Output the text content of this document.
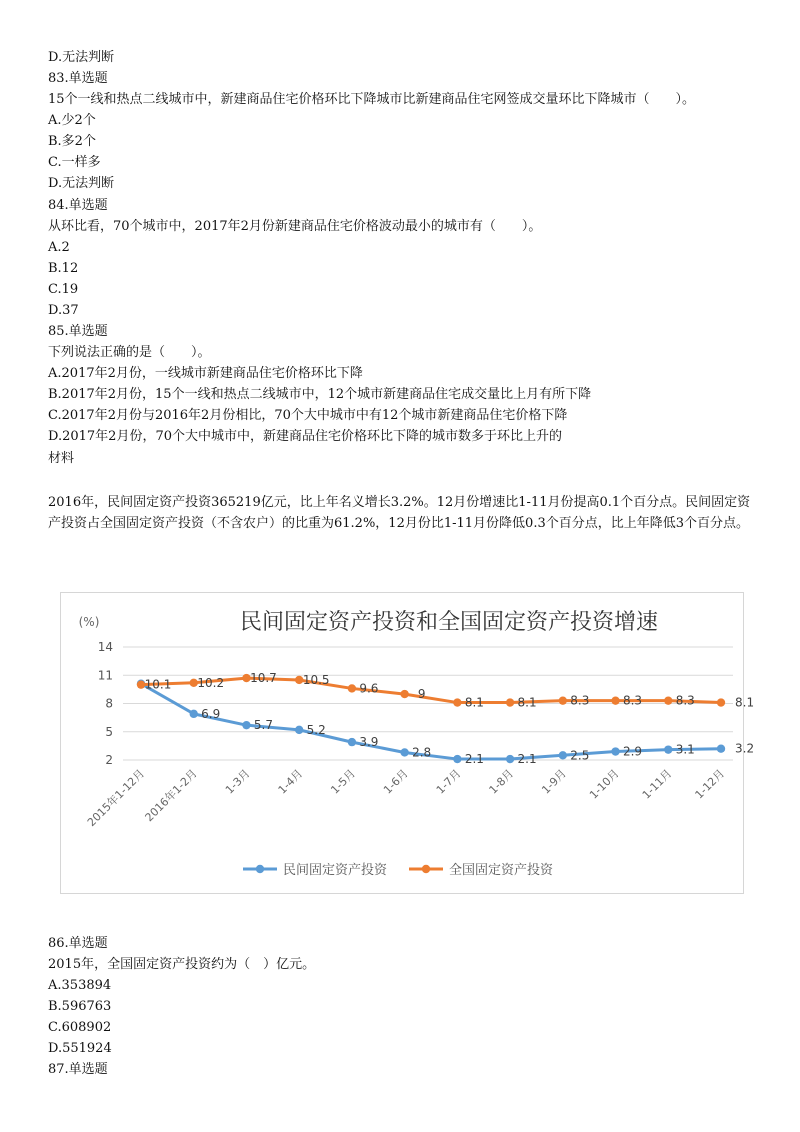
D.无法判断
83.单选题
15个一线和热点二线城市中，新建商品住宅价格环比下降城市比新建商品住宅网签成交量环比下降城市（　　）。
A.少2个
B.多2个
C.一样多
D.无法判断
84.单选题
从环比看，70个城市中，2017年2月份新建商品住宅价格波动最小的城市有（　　）。
A.2
B.12
C.19
D.37
85.单选题
下列说法正确的是（　　）。
A.2017年2月份，一线城市新建商品住宅价格环比下降
B.2017年2月份，15个一线和热点二线城市中，12个城市新建商品住宅成交量比上月有所下降
C.2017年2月份与2016年2月份相比，70个大中城市中有12个城市新建商品住宅价格下降
D.2017年2月份，70个大中城市中，新建商品住宅价格环比下降的城市数多于环比上升的
材料
2016年，民间固定资产投资365219亿元，比上年名义增长3.2%。12月份增速比1-11月份提高0.1个百分点。民间固定资产投资占全国固定资产投资（不含农户）的比重为61.2%，12月份比1-11月份降低0.3个百分点，比上年降低3个百分点。
民间固定资产投资和全国固定资产投资增速
(%)
14
11
8
5
2
2015年1-12月
2016年1-2月 1-3月 1-4月 1-5月 1-6月 1-7月 1-8月 1-9月 1-10月 1-11月 1-12月
6.9
5.7	5.2
3.9
2.8	2.1	2.1	2.5	2.9	3.1	3.2
10.1 10.2 10.7 10.5
9.6	9
8.1	8.1	8.3	8.3	8.3	8.1
民间固定资产投资	全国固定资产投资
86.单选题
2015年，全国固定资产投资约为（　）亿元。
A.353894
B.596763
C.608902
D.551924
87.单选题
